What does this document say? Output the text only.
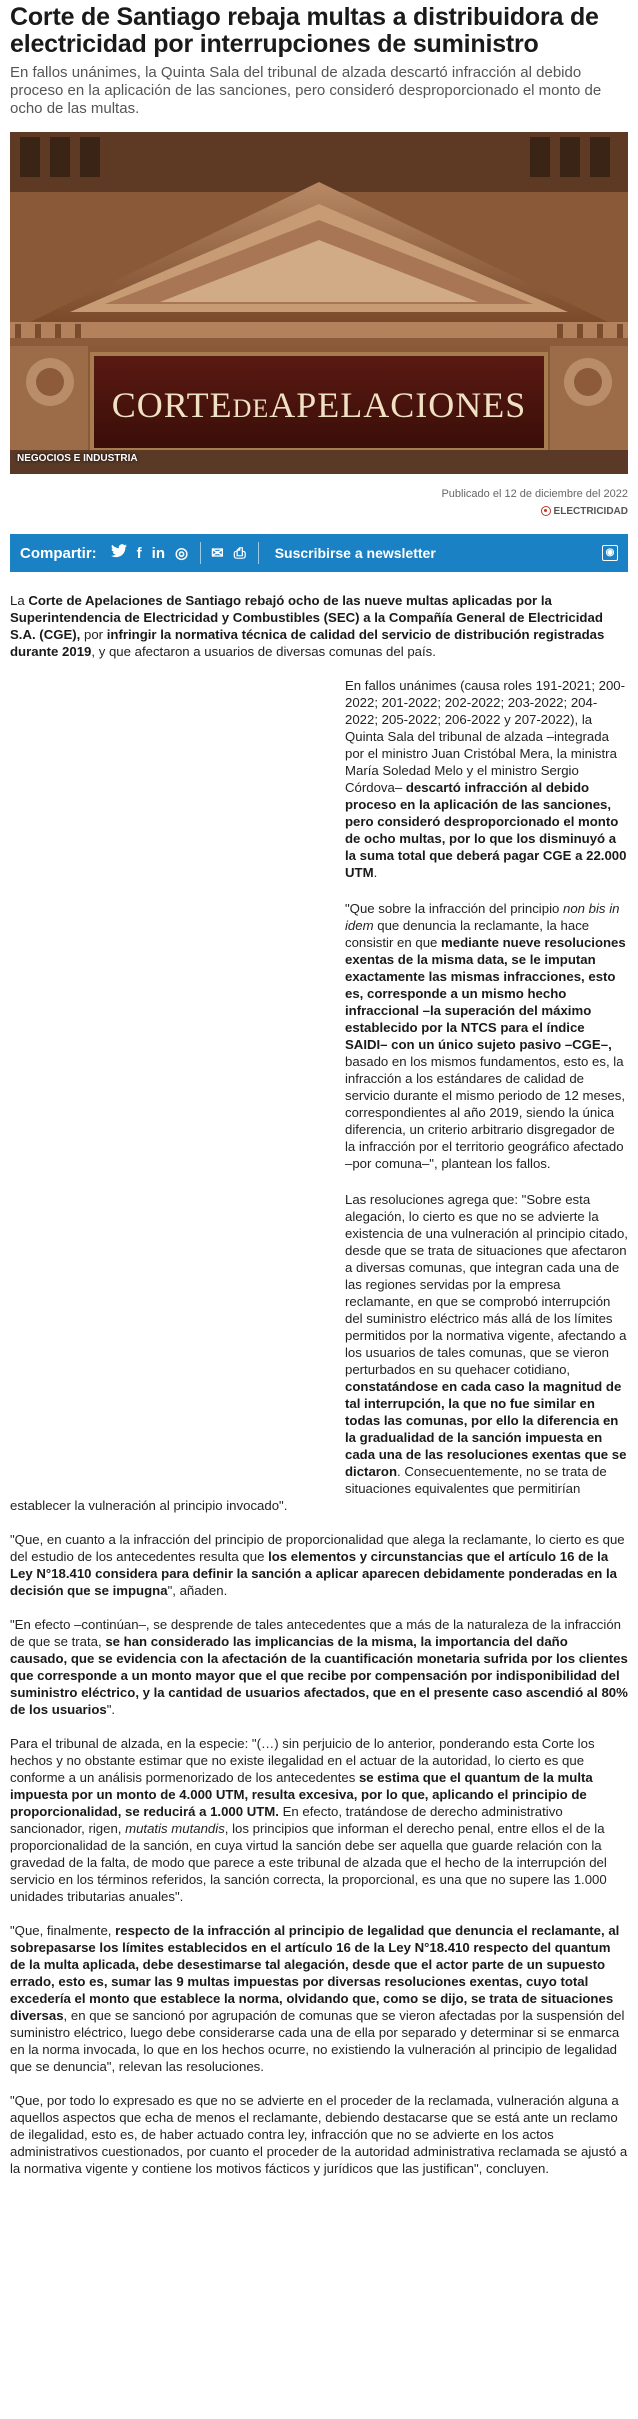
Corte de Santiago rebaja multas a distribuidora de electricidad por interrupciones de suministro

En fallos unánimes, la Quinta Sala del tribunal de alzada descartó infracción al debido proceso en la aplicación de las sanciones, pero consideró desproporcionado el monto de ocho de las multas.

CORTEDEAPELACIONES
NEGOCIOS E INDUSTRIA
Publicado el 12 de diciembre del 2022
ELECTRICIDAD
Compartir:	f in ◎ ✉ ⎙ Suscribirse a newsletter	◉

La Corte de Apelaciones de Santiago rebajó ocho de las nueve multas aplicadas por la Superintendencia de Electricidad y Combustibles (SEC) a la Compañía General de Electricidad S.A. (CGE), por infringir la normativa técnica de calidad del servicio de distribución registradas durante 2019, y que afectaron a usuarios de diversas comunas del país.

En fallos unánimes (causa roles 191-2021; 200-2022; 201-2022; 202-2022; 203-2022; 204-2022; 205-2022; 206-2022 y 207-2022), la Quinta Sala del tribunal de alzada –integrada por el ministro Juan Cristóbal Mera, la ministra María Soledad Melo y el ministro Sergio Córdova– descartó infracción al debido proceso en la aplicación de las sanciones, pero consideró desproporcionado el monto de ocho multas, por lo que los disminuyó a la suma total que deberá pagar CGE a 22.000 UTM.

"Que sobre la infracción del principio non bis in idem que denuncia la reclamante, la hace consistir en que mediante nueve resoluciones exentas de la misma data, se le imputan exactamente las mismas infracciones, esto es, corresponde a un mismo hecho infraccional –la superación del máximo establecido por la NTCS para el índice SAIDI– con un único sujeto pasivo –CGE–, basado en los mismos fundamentos, esto es, la infracción a los estándares de calidad de servicio durante el mismo periodo de 12 meses, correspondientes al año 2019, siendo la única diferencia, un criterio arbitrario disgregador de la infracción por el territorio geográfico afectado –por comuna–", plantean los fallos.

Las resoluciones agrega que: "Sobre esta alegación, lo cierto es que no se advierte la existencia de una vulneración al principio citado, desde que se trata de situaciones que afectaron a diversas comunas, que integran cada una de las regiones servidas por la empresa reclamante, en que se comprobó interrupción del suministro eléctrico más allá de los límites permitidos por la normativa vigente, afectando a los usuarios de tales comunas, que se vieron perturbados en su quehacer cotidiano, constatándose en cada caso la magnitud de tal interrupción, la que no fue similar en todas las comunas, por ello la diferencia en la gradualidad de la sanción impuesta en cada una de las resoluciones exentas que se dictaron. Consecuentemente, no se trata de situaciones equivalentes que permitirían

establecer la vulneración al principio invocado".

"Que, en cuanto a la infracción del principio de proporcionalidad que alega la reclamante, lo cierto es que del estudio de los antecedentes resulta que los elementos y circunstancias que el artículo 16 de la Ley N°18.410 considera para definir la sanción a aplicar aparecen debidamente ponderadas en la decisión que se impugna", añaden.

"En efecto –continúan–, se desprende de tales antecedentes que a más de la naturaleza de la infracción de que se trata, se han considerado las implicancias de la misma, la importancia del daño causado, que se evidencia con la afectación de la cuantificación monetaria sufrida por los clientes que corresponde a un monto mayor que el que recibe por compensación por indisponibilidad del suministro eléctrico, y la cantidad de usuarios afectados, que en el presente caso ascendió al 80% de los usuarios".

Para el tribunal de alzada, en la especie: "(…) sin perjuicio de lo anterior, ponderando esta Corte los hechos y no obstante estimar que no existe ilegalidad en el actuar de la autoridad, lo cierto es que conforme a un análisis pormenorizado de los antecedentes se estima que el quantum de la multa impuesta por un monto de 4.000 UTM, resulta excesiva, por lo que, aplicando el principio de proporcionalidad, se reducirá a 1.000 UTM. En efecto, tratándose de derecho administrativo sancionador, rigen, mutatis mutandis, los principios que informan el derecho penal, entre ellos el de la proporcionalidad de la sanción, en cuya virtud la sanción debe ser aquella que guarde relación con la gravedad de la falta, de modo que parece a este tribunal de alzada que el hecho de la interrupción del servicio en los términos referidos, la sanción correcta, la proporcional, es una que no supere las 1.000 unidades tributarias anuales".

"Que, finalmente, respecto de la infracción al principio de legalidad que denuncia el reclamante, al sobrepasarse los límites establecidos en el artículo 16 de la Ley N°18.410 respecto del quantum de la multa aplicada, debe desestimarse tal alegación, desde que el actor parte de un supuesto errado, esto es, sumar las 9 multas impuestas por diversas resoluciones exentas, cuyo total excedería el monto que establece la norma, olvidando que, como se dijo, se trata de situaciones diversas, en que se sancionó por agrupación de comunas que se vieron afectadas por la suspensión del suministro eléctrico, luego debe considerarse cada una de ella por separado y determinar si se enmarca en la norma invocada, lo que en los hechos ocurre, no existiendo la vulneración al principio de legalidad que se denuncia", relevan las resoluciones.

"Que, por todo lo expresado es que no se advierte en el proceder de la reclamada, vulneración alguna a aquellos aspectos que echa de menos el reclamante, debiendo destacarse que se está ante un reclamo de ilegalidad, esto es, de haber actuado contra ley, infracción que no se advierte en los actos administrativos cuestionados, por cuanto el proceder de la autoridad administrativa reclamada se ajustó a la normativa vigente y contiene los motivos fácticos y jurídicos que las justifican", concluyen.
